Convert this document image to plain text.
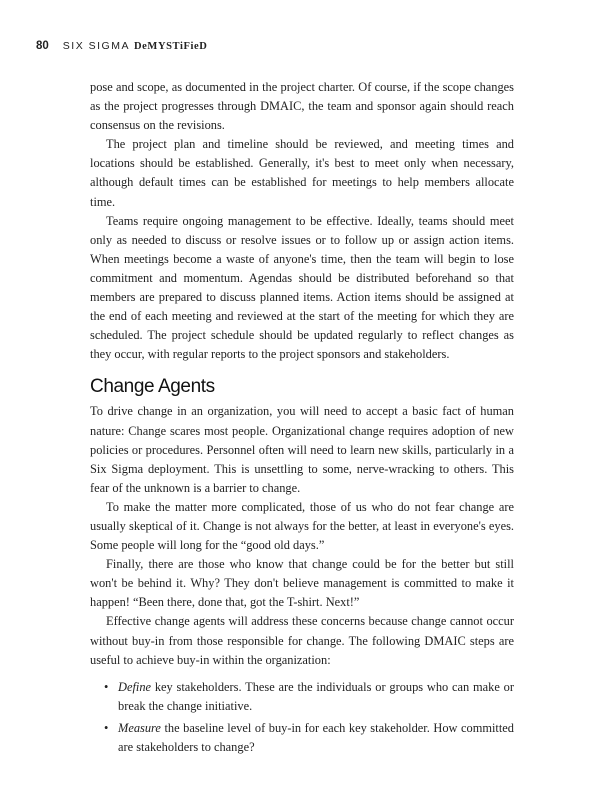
80 SIX SIGMA DeMYSTiFieD

pose and scope, as documented in the project charter. Of course, if the scope changes as the project progresses through DMAIC, the team and sponsor again should reach consensus on the revisions.

The project plan and timeline should be reviewed, and meeting times and locations should be established. Generally, it's best to meet only when necessary, although default times can be established for meetings to help members allocate time.

Teams require ongoing management to be effective. Ideally, teams should meet only as needed to discuss or resolve issues or to follow up or assign action items. When meetings become a waste of anyone's time, then the team will begin to lose commitment and momentum. Agendas should be distributed beforehand so that members are prepared to discuss planned items. Action items should be assigned at the end of each meeting and reviewed at the start of the meeting for which they are scheduled. The project schedule should be updated regularly to reflect changes as they occur, with regular reports to the project sponsors and stakeholders.

Change Agents

To drive change in an organization, you will need to accept a basic fact of human nature: Change scares most people. Organizational change requires adoption of new policies or procedures. Personnel often will need to learn new skills, particularly in a Six Sigma deployment. This is unsettling to some, nerve-wracking to others. This fear of the unknown is a barrier to change.

To make the matter more complicated, those of us who do not fear change are usually skeptical of it. Change is not always for the better, at least in everyone's eyes. Some people will long for the “good old days.”

Finally, there are those who know that change could be for the better but still won't be behind it. Why? They don't believe management is committed to make it happen! “Been there, done that, got the T-shirt. Next!”

Effective change agents will address these concerns because change cannot occur without buy-in from those responsible for change. The following DMAIC steps are useful to achieve buy-in within the organization:

• Define key stakeholders. These are the individuals or groups who can make or break the change initiative.
• Measure the baseline level of buy-in for each key stakeholder. How committed are stakeholders to change?
